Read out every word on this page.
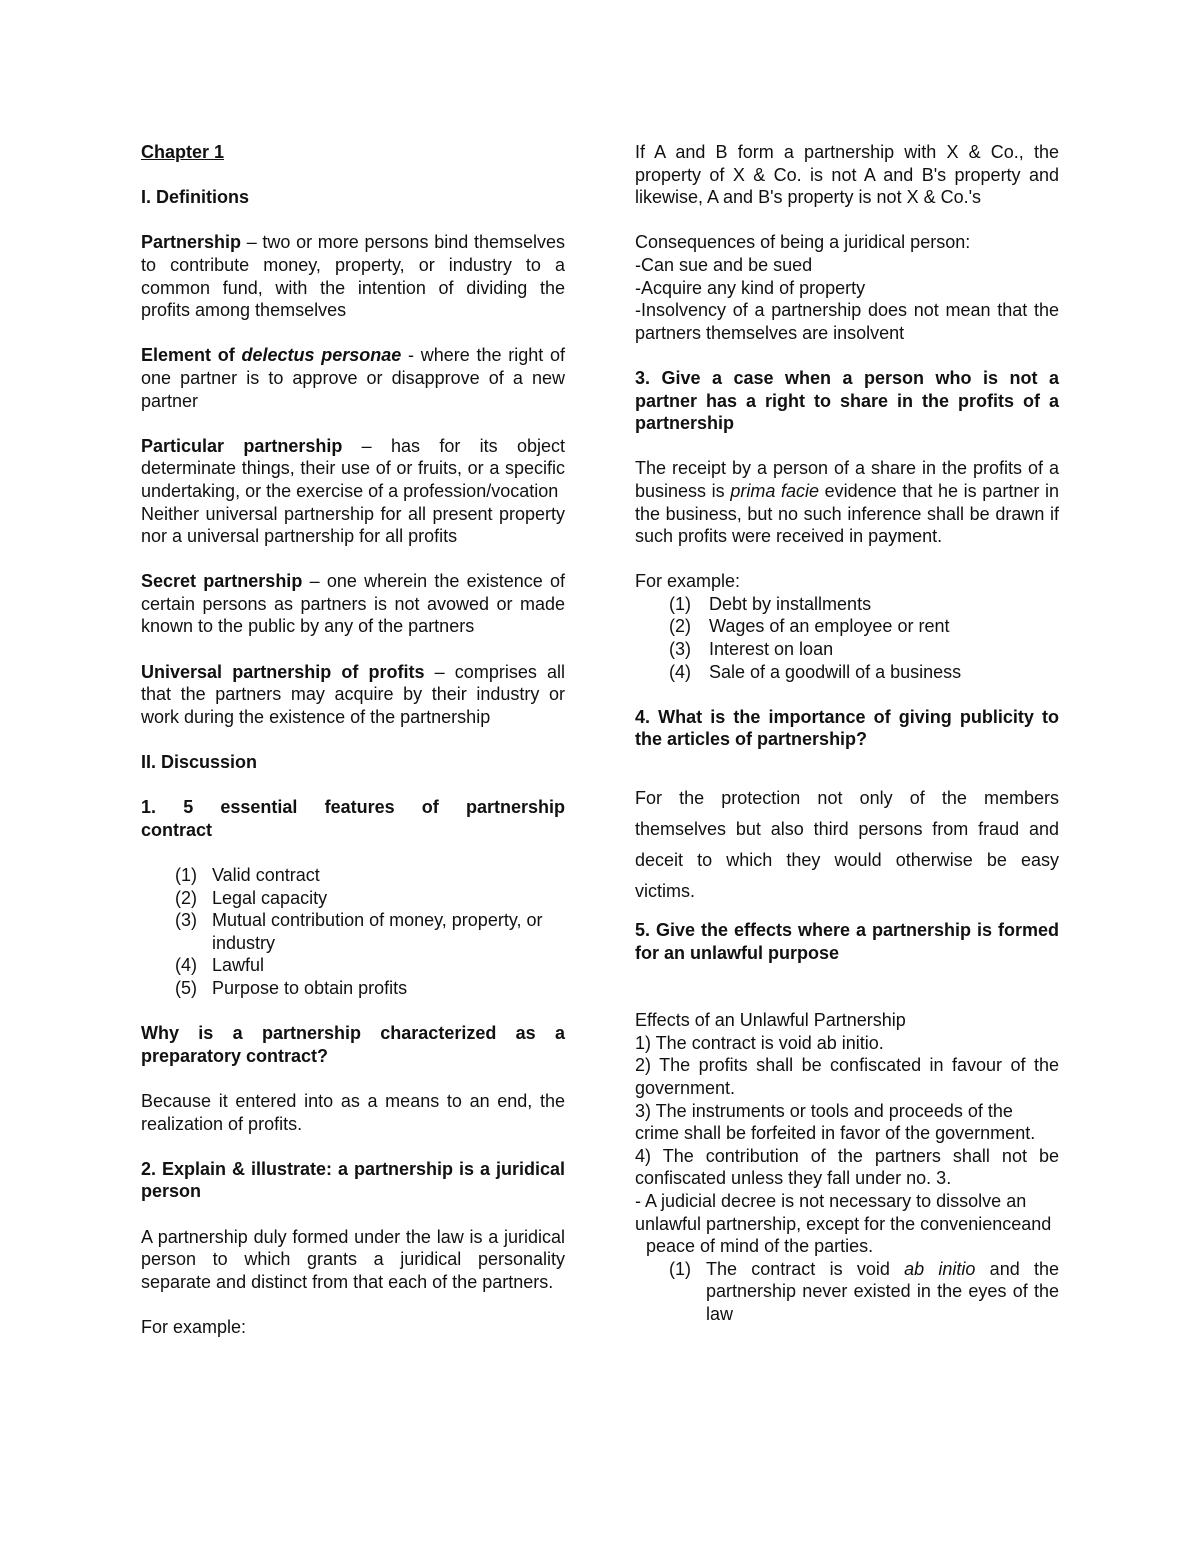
Chapter 1

I. Definitions

Partnership – two or more persons bind themselves to contribute money, property, or industry to a common fund, with the intention of dividing the profits among themselves

Element of delectus personae - where the right of one partner is to approve or disapprove of a new partner

Particular partnership – has for its object determinate things, their use of or fruits, or a specific undertaking, or the exercise of a profession/vocation

Neither universal partnership for all present property nor a universal partnership for all profits

Secret partnership – one wherein the existence of certain persons as partners is not avowed or made known to the public by any of the partners

Universal partnership of profits – comprises all that the partners may acquire by their industry or work during the existence of the partnership

II. Discussion

1. 5 essential features of partnership contract

(1) Valid contract
(2) Legal capacity
(3) Mutual contribution of money, property, or industry
(4) Lawful
(5) Purpose to obtain profits

Why is a partnership characterized as a preparatory contract?

Because it entered into as a means to an end, the realization of profits.

2. Explain & illustrate: a partnership is a juridical person

A partnership duly formed under the law is a juridical person to which grants a juridical personality separate and distinct from that each of the partners.

For example:

If A and B form a partnership with X & Co., the property of X & Co. is not A and B's property and likewise, A and B's property is not X & Co.'s

Consequences of being a juridical person:

-Can sue and be sued

-Acquire any kind of property

-Insolvency of a partnership does not mean that the partners themselves are insolvent

3. Give a case when a person who is not a partner has a right to share in the profits of a partnership

The receipt by a person of a share in the profits of a business is prima facie evidence that he is partner in the business, but no such inference shall be drawn if such profits were received in payment.

For example:

(1)	Debt by installments
(2)	Wages of an employee or rent
(3)	Interest on loan
(4)	Sale of a goodwill of a business

4. What is the importance of giving publicity to the articles of partnership?

For the protection not only of the members themselves but also third persons from fraud and deceit to which they would otherwise be easy victims.

5. Give the effects where a partnership is formed for an unlawful purpose

Effects of an Unlawful Partnership

1) The contract is void ab initio.

2) The profits shall be confiscated in favour of the government.

3) The instruments or tools and proceeds of the crime shall be forfeited in favor of the government.

4) The contribution of the partners shall not be confiscated unless they fall under no. 3.

- A judicial decree is not necessary to dissolve an unlawful partnership, except for the convenienceand

peace of mind of the parties.

(1) The contract is void ab initio and the partnership never existed in the eyes of the law
